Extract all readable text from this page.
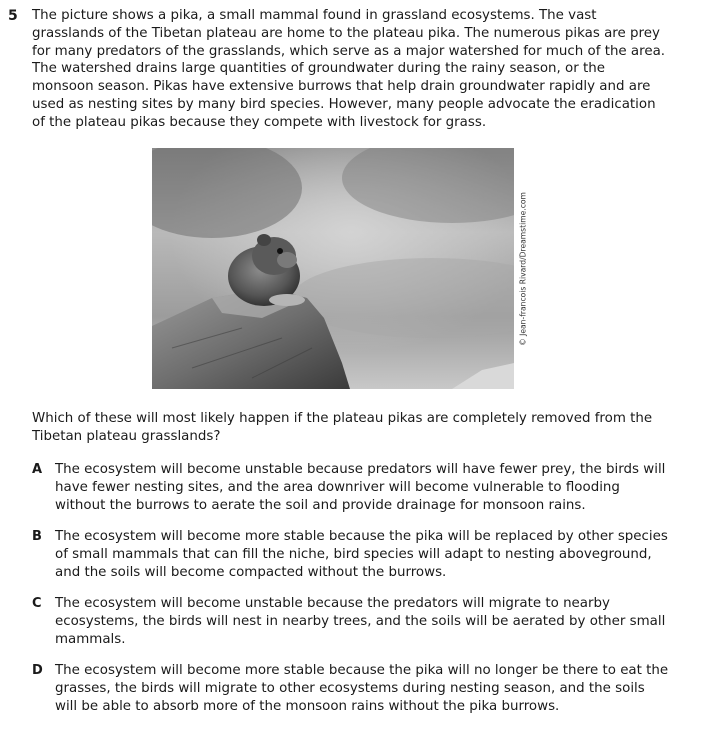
5 The picture shows a pika, a small mammal found in grassland ecosystems. The vast
grasslands of the Tibetan plateau are home to the plateau pika. The numerous pikas are prey
for many predators of the grasslands, which serve as a major watershed for much of the area.
The watershed drains large quantities of groundwater during the rainy season, or the
monsoon season. Pikas have extensive burrows that help drain groundwater rapidly and are
used as nesting sites by many bird species. However, many people advocate the eradication
of the plateau pikas because they compete with livestock for grass.
© Jean-francois Rivard/Dreamstime.com
Which of these will most likely happen if the plateau pikas are completely removed from the
Tibetan plateau grasslands?
A The ecosystem will become unstable because predators will have fewer prey, the birds will
have fewer nesting sites, and the area downriver will become vulnerable to flooding
without the burrows to aerate the soil and provide drainage for monsoon rains.
B The ecosystem will become more stable because the pika will be replaced by other species
of small mammals that can fill the niche, bird species will adapt to nesting aboveground,
and the soils will become compacted without the burrows.
C The ecosystem will become unstable because the predators will migrate to nearby
ecosystems, the birds will nest in nearby trees, and the soils will be aerated by other small
mammals.
D The ecosystem will become more stable because the pika will no longer be there to eat the
grasses, the birds will migrate to other ecosystems during nesting season, and the soils
will be able to absorb more of the monsoon rains without the pika burrows.
